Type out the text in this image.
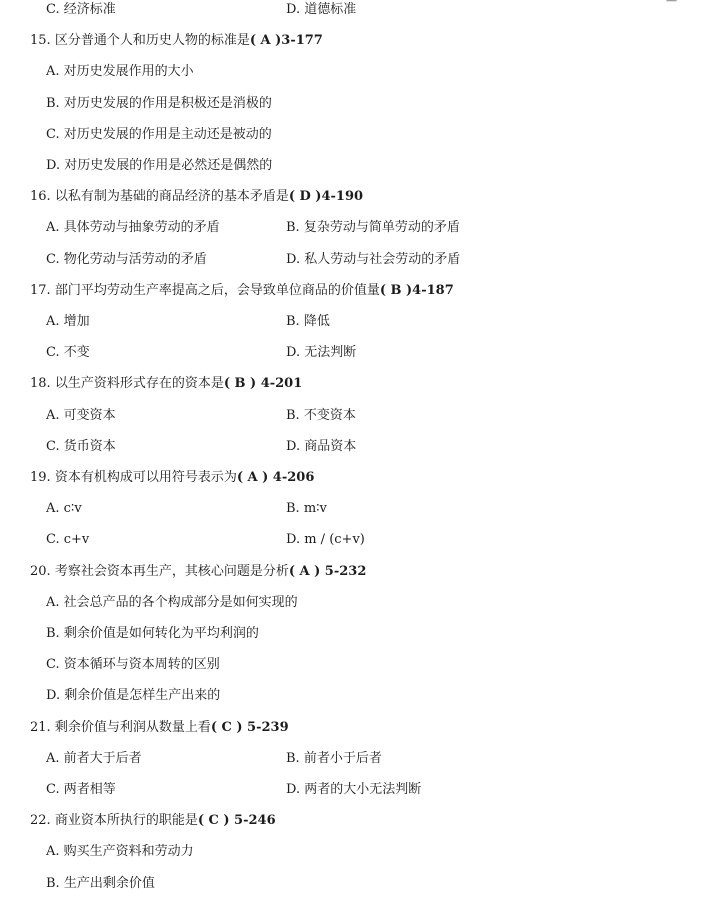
—
C. 经济标准	D. 道德标准
15. 区分普通个人和历史人物的标准是( A )3-177
A. 对历史发展作用的大小
B. 对历史发展的作用是积极还是消极的
C. 对历史发展的作用是主动还是被动的
D. 对历史发展的作用是必然还是偶然的
16. 以私有制为基础的商品经济的基本矛盾是( D )4-190
A. 具体劳动与抽象劳动的矛盾	B. 复杂劳动与简单劳动的矛盾
C. 物化劳动与活劳动的矛盾	D. 私人劳动与社会劳动的矛盾
17. 部门平均劳动生产率提高之后，会导致单位商品的价值量( B )4-187
A. 增加	B. 降低
C. 不变	D. 无法判断
18. 以生产资料形式存在的资本是( B ) 4-201
A. 可变资本	B. 不变资本
C. 货币资本	D. 商品资本
19. 资本有机构成可以用符号表示为( A ) 4-206
A. c∶v	B. m∶v
C. c+v	D. m / (c+v)
20. 考察社会资本再生产，其核心问题是分析( A ) 5-232
A. 社会总产品的各个构成部分是如何实现的
B. 剩余价值是如何转化为平均利润的
C. 资本循环与资本周转的区别
D. 剩余价值是怎样生产出来的
21. 剩余价值与利润从数量上看( C ) 5-239
A. 前者大于后者	B. 前者小于后者
C. 两者相等	D. 两者的大小无法判断
22. 商业资本所执行的职能是( C ) 5-246
A. 购买生产资料和劳动力
B. 生产出剩余价值
